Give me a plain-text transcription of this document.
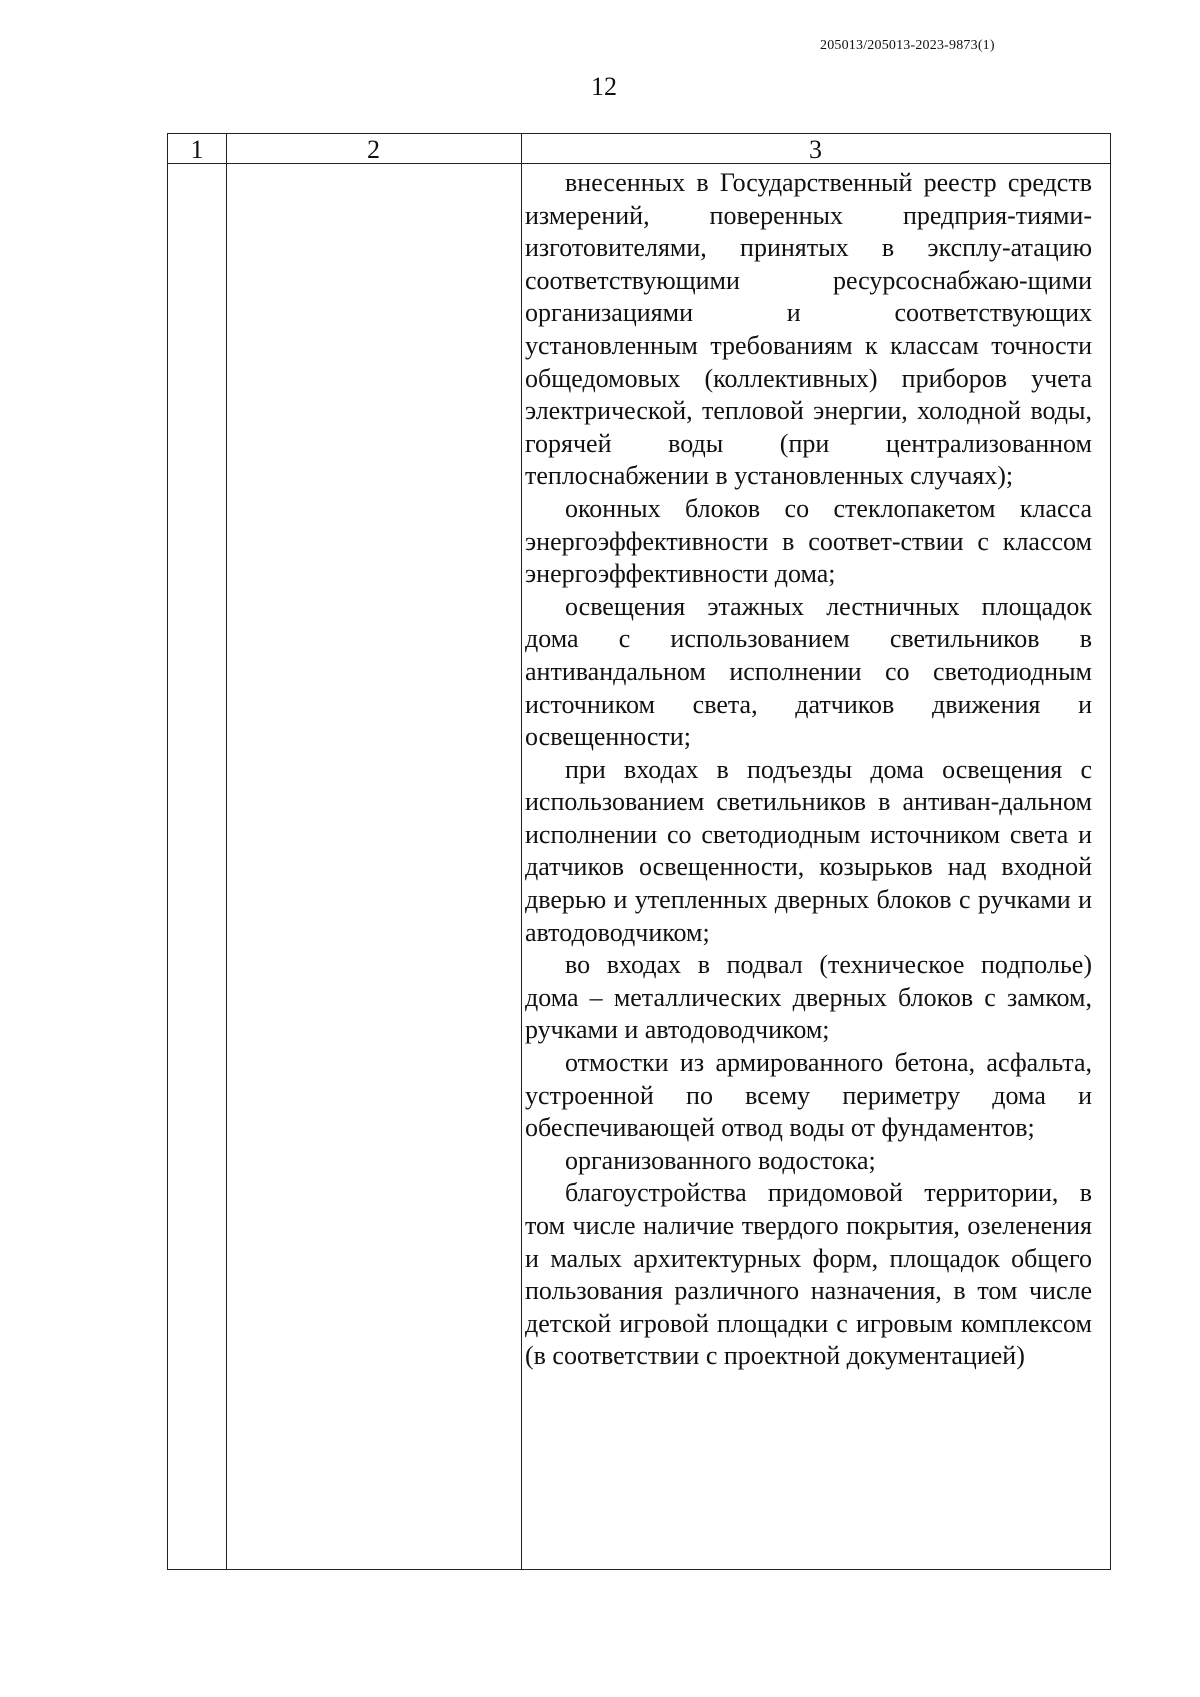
205013/205013-2023-9873(1)
12
1	2	3

внесенных в Государственный реестр средств измерений, поверенных предприя-тиями-изготовителями, принятых в эксплу-атацию соответствующими ресурсоснабжаю-щими организациями и соответствующих установленным требованиям к классам точности общедомовых (коллективных) приборов учета электрической, тепловой энергии, холодной воды, горячей воды (при централизованном теплоснабжении в установленных случаях);

оконных блоков со стеклопакетом класса энергоэффективности в соответ-ствии с классом энергоэффективности дома;

освещения этажных лестничных площадок дома с использованием светильников в антивандальном исполнении со светодиодным источником света, датчиков движения и освещенности;

при входах в подъезды дома освещения с использованием светильников в антиван-дальном исполнении со светодиодным источником света и датчиков освещенности, козырьков над входной дверью и утепленных дверных блоков с ручками и автодоводчиком;

во входах в подвал (техническое подполье) дома – металлических дверных блоков с замком, ручками и автодоводчиком;

отмостки из армированного бетона, асфальта, устроенной по всему периметру дома и обеспечивающей отвод воды от фундаментов;

организованного водостока;

благоустройства придомовой территории, в том числе наличие твердого покрытия, озеленения и малых архитектурных форм, площадок общего пользования различного назначения, в том числе детской игровой площадки с игровым комплексом (в соответствии с проектной документацией)
